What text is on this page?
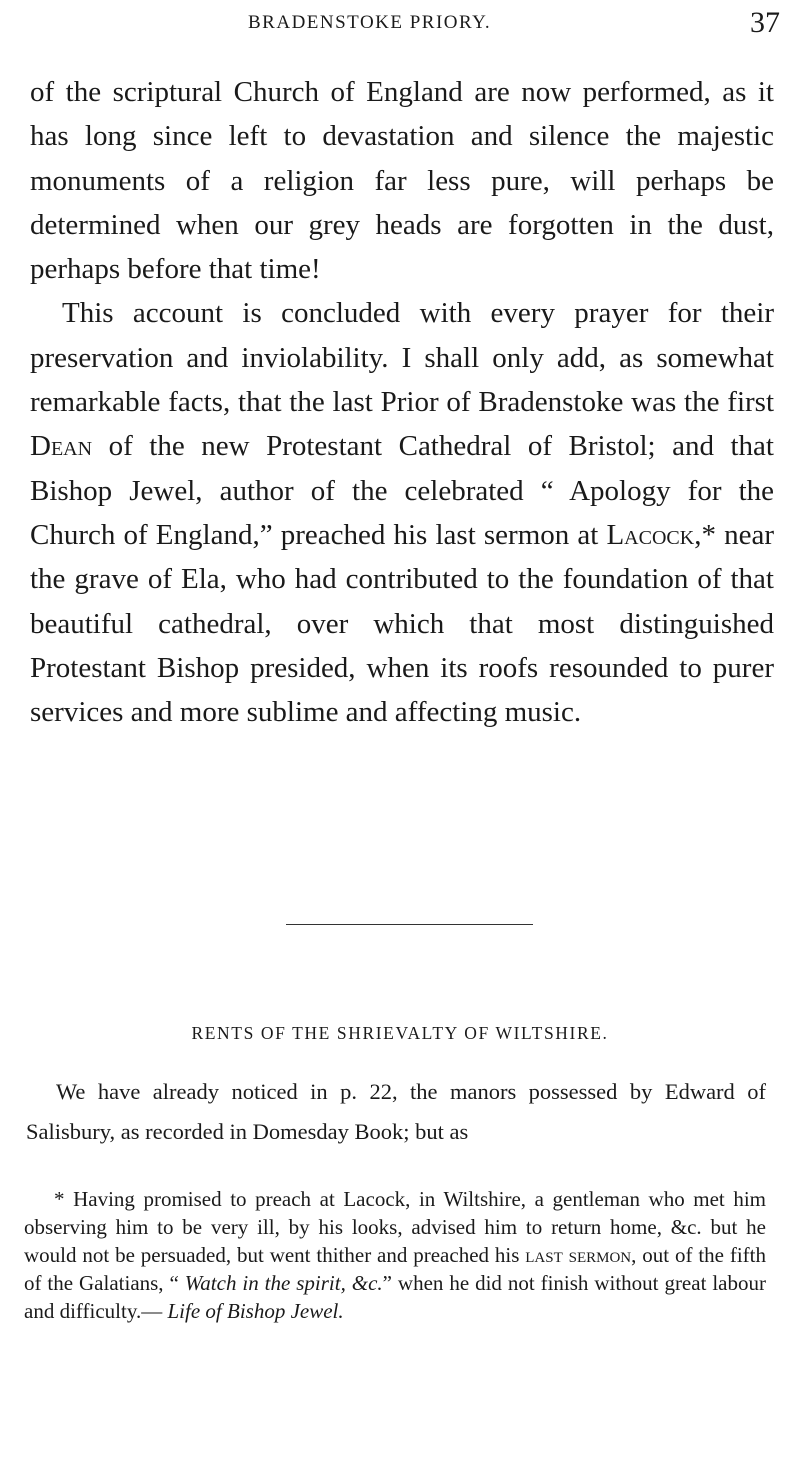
BRADENSTOKE PRIORY.	37

of the scriptural Church of England are now performed, as it has long since left to devastation and silence the majestic monuments of a religion far less pure, will perhaps be determined when our grey heads are forgotten in the dust, perhaps before that time!

This account is concluded with every prayer for their preservation and inviolability. I shall only add, as somewhat remarkable facts, that the last Prior of Bradenstoke was the first Dean of the new Protestant Cathedral of Bristol; and that Bishop Jewel, author of the celebrated “ Apology for the Church of England,” preached his last sermon at Lacock,* near the grave of Ela, who had contributed to the foundation of that beautiful cathedral, over which that most distinguished Protestant Bishop presided, when its roofs resounded to purer services and more sublime and affecting music.

RENTS OF THE SHRIEVALTY OF WILTSHIRE.

We have already noticed in p. 22, the manors possessed by Edward of Salisbury, as recorded in Domesday Book; but as

* Having promised to preach at Lacock, in Wiltshire, a gentleman who met him observing him to be very ill, by his looks, advised him to return home, &c. but he would not be persuaded, but went thither and preached his last sermon, out of the fifth of the Galatians, “ Watch in the spirit, &c.” when he did not finish without great labour and difficulty.— Life of Bishop Jewel.
